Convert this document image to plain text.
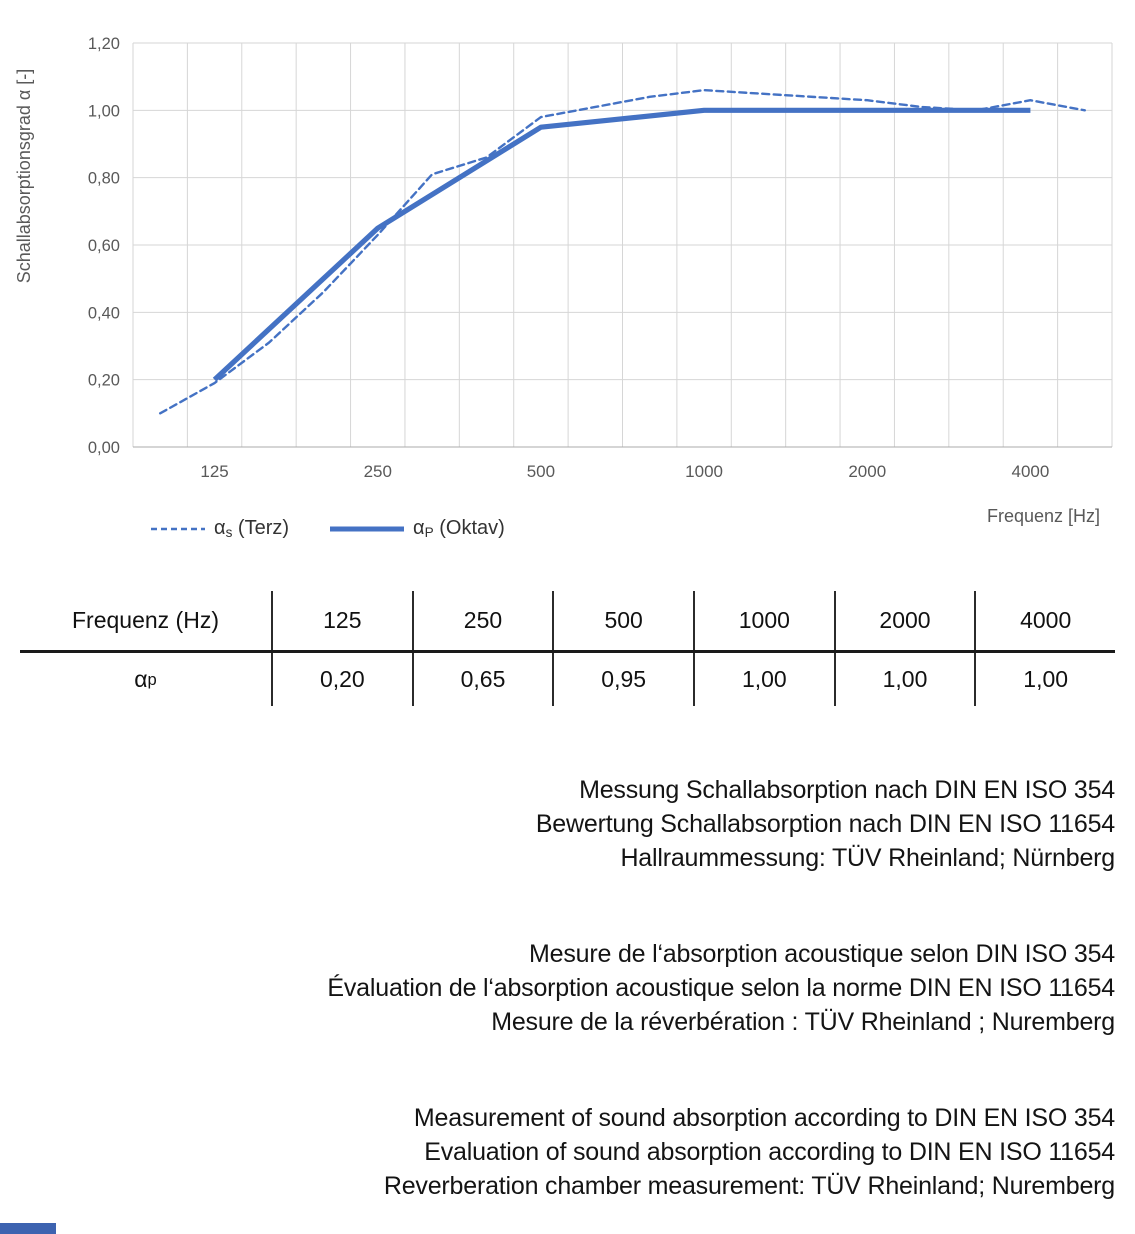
0,00
0,20
0,40
0,60
0,80
1,00
1,20
125	250	500	1000	2000	4000
Schallabsorptionsgrad α [-]
$\alpha_s$ (Terz)	$\alpha_P$ (Oktav)
Frequenz [Hz]
Frequenz (Hz)	125	250	500	1000	2000	4000
α p	0,20	0,65	0,95	1,00	1,00	1,00
Messung Schallabsorption nach DIN EN ISO 354
Bewertung Schallabsorption nach DIN EN ISO 11654
Hallraummessung: TÜV Rheinland; Nürnberg
Mesure de l‘absorption acoustique selon DIN ISO 354
Évaluation de l‘absorption acoustique selon la norme DIN EN ISO 11654
Mesure de la réverbération : TÜV Rheinland ; Nuremberg
Measurement of sound absorption according to DIN EN ISO 354
Evaluation of sound absorption according to DIN EN ISO 11654
Reverberation chamber measurement: TÜV Rheinland; Nuremberg
